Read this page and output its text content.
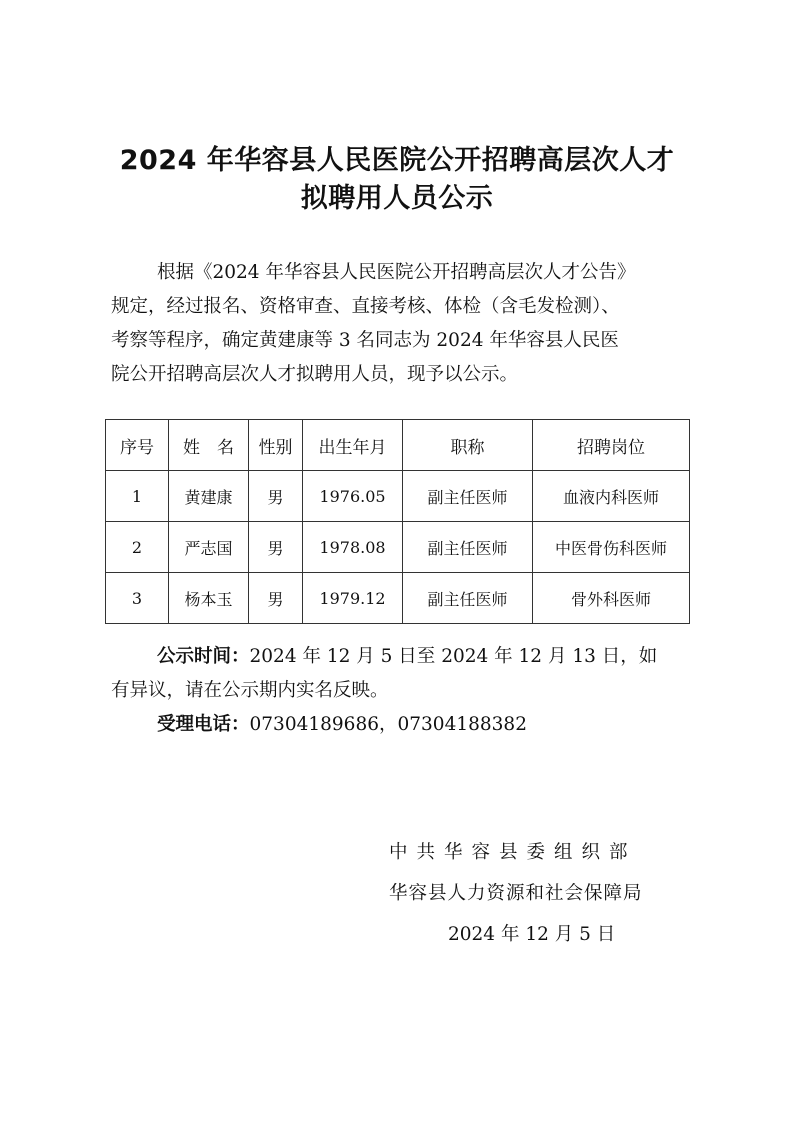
2024 年华容县人民医院公开招聘高层次人才
拟聘用人员公示
根据《2024 年华容县人民医院公开招聘高层次人才公告》
规定，经过报名、资格审查、直接考核、体检（含毛发检测）、
考察等程序，确定黄建康等 3 名同志为 2024 年华容县人民医
院公开招聘高层次人才拟聘用人员，现予以公示。
序号	姓　名	性别	出生年月	职称	招聘岗位
1	黄建康	男	1976.05	副主任医师	血液内科医师
2	严志国	男	1978.08	副主任医师	中医骨伤科医师
3	杨本玉	男	1979.12	副主任医师	骨外科医师
公示时间：2024 年 12 月 5 日至 2024 年 12 月 13 日，如
有异议，请在公示期内实名反映。
受理电话：07304189686，07304188382
中共华容县委组织部
华容县人力资源和社会保障局
2024 年 12 月 5 日
